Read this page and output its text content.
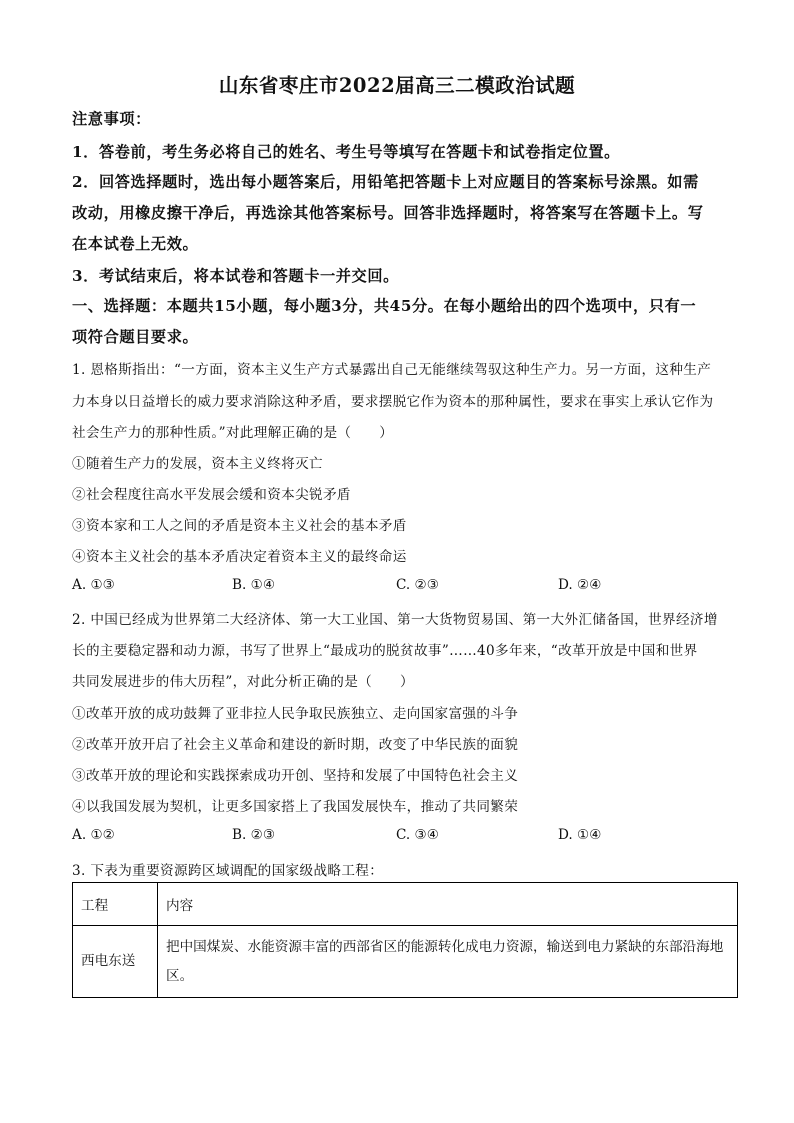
山东省枣庄市2022届高三二模政治试题
注意事项：
1．答卷前，考生务必将自己的姓名、考生号等填写在答题卡和试卷指定位置。
2．回答选择题时，选出每小题答案后，用铅笔把答题卡上对应题目的答案标号涂黑。如需
改动，用橡皮擦干净后，再选涂其他答案标号。回答非选择题时，将答案写在答题卡上。写
在本试卷上无效。
3．考试结束后，将本试卷和答题卡一并交回。
一、选择题：本题共15小题，每小题3分，共45分。在每小题给出的四个选项中，只有一
项符合题目要求。
1. 恩格斯指出：“一方面，资本主义生产方式暴露出自己无能继续驾驭这种生产力。另一方面，这种生产
力本身以日益增长的威力要求消除这种矛盾，要求摆脱它作为资本的那种属性，要求在事实上承认它作为
社会生产力的那种性质。”对此理解正确的是（　　）
①随着生产力的发展，资本主义终将灭亡
②社会程度往高水平发展会缓和资本尖锐矛盾
③资本家和工人之间的矛盾是资本主义社会的基本矛盾
④资本主义社会的基本矛盾决定着资本主义的最终命运
A. ①③	B. ①④	C. ②③	D. ②④
2. 中国已经成为世界第二大经济体、第一大工业国、第一大货物贸易国、第一大外汇储备国，世界经济增
长的主要稳定器和动力源，书写了世界上“最成功的脱贫故事”……40多年来，“改革开放是中国和世界
共同发展进步的伟大历程”，对此分析正确的是（　　）
①改革开放的成功鼓舞了亚非拉人民争取民族独立、走向国家富强的斗争
②改革开放开启了社会主义革命和建设的新时期，改变了中华民族的面貌
③改革开放的理论和实践探索成功开创、坚持和发展了中国特色社会主义
④以我国发展为契机，让更多国家搭上了我国发展快车，推动了共同繁荣
A. ①②	B. ②③	C. ③④	D. ①④
3. 下表为重要资源跨区域调配的国家级战略工程：
工程	内容
西电东送	把中国煤炭、水能资源丰富的西部省区的能源转化成电力资源，输送到电力紧缺的东部沿海地区。
